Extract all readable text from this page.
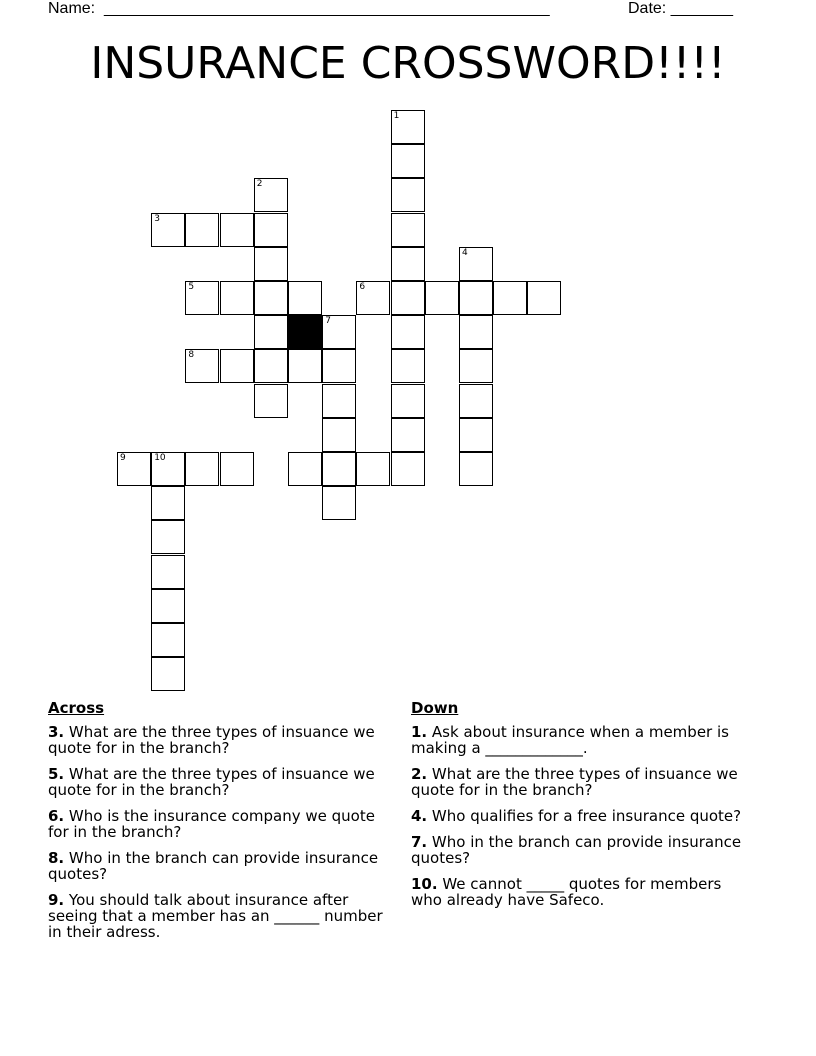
Name: _____________________________________________________	Date: _______
INSURANCE CROSSWORD!!!!
1
2
3
4
5	6
7
8
9	10
Across
3. What are the three types of insuance we quote for in the branch?
5. What are the three types of insuance we quote for in the branch?
6. Who is the insurance company we quote for in the branch?
8. Who in the branch can provide insurance quotes?
9. You should talk about insurance after seeing that a member has an ______ number in their adress.
Down
1. Ask about insurance when a member is making a _____________.
2. What are the three types of insuance we quote for in the branch?
4. Who qualifies for a free insurance quote?
7. Who in the branch can provide insurance quotes?
10. We cannot _____ quotes for members who already have Safeco.
